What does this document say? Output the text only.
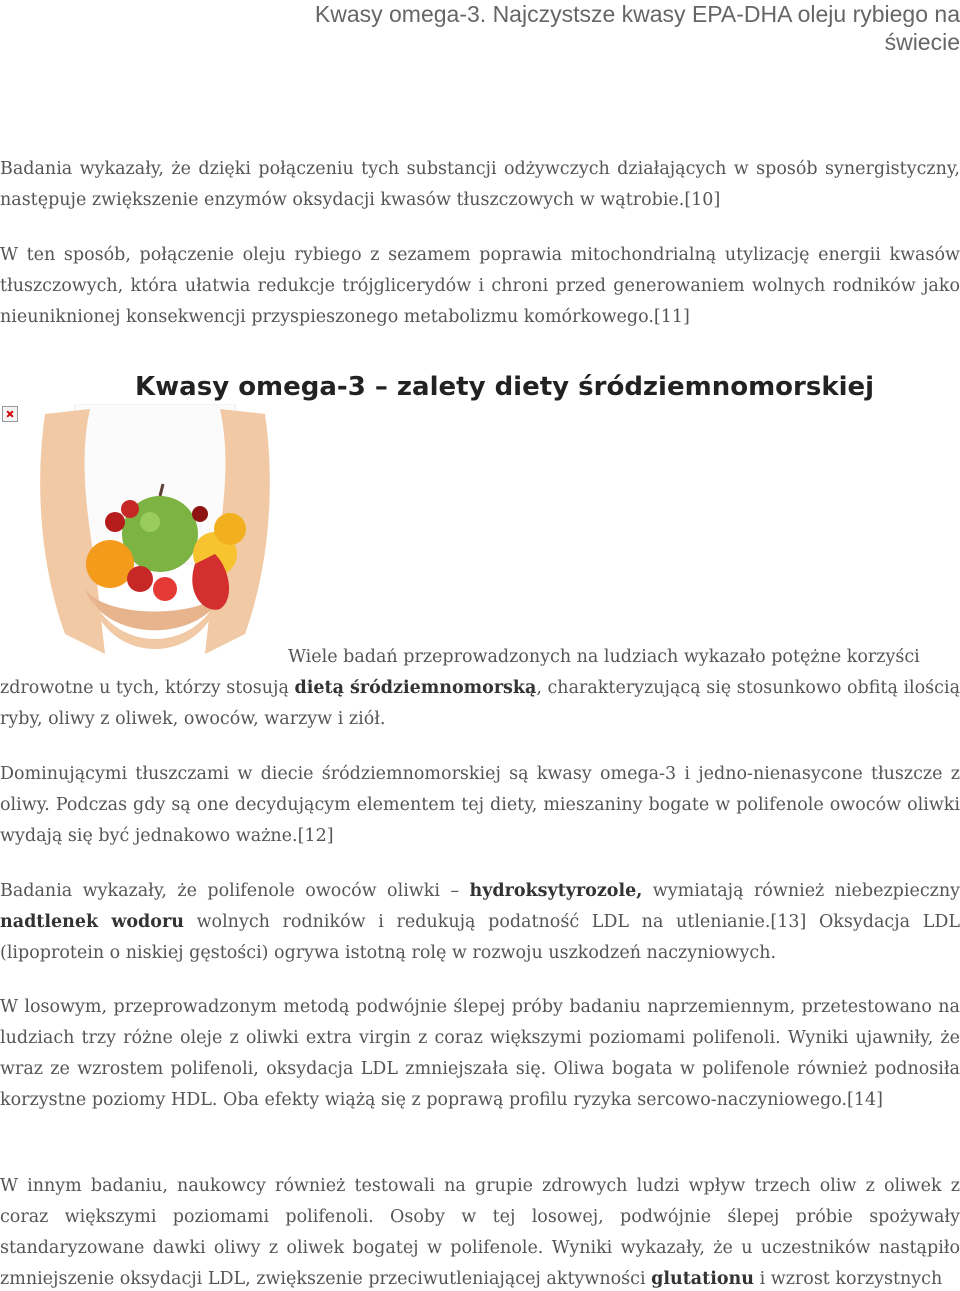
Kwasy omega-3. Najczystsze kwasy EPA-DHA oleju rybiego na świecie

Badania wykazały, że dzięki połączeniu tych substancji odżywczych działających w sposób synergistyczny, następuje zwiększenie enzymów oksydacji kwasów tłuszczowych w wątrobie.[10]

W ten sposób, połączenie oleju rybiego z sezamem poprawia mitochondrialną utylizację energii kwasów tłuszczowych, która ułatwia redukcje trójglicerydów i chroni przed generowaniem wolnych rodników jako nieuniknionej konsekwencji przyspieszonego metabolizmu komórkowego.[11]

Kwasy omega-3 – zalety diety śródziemnomorskiej
Wiele badań przeprowadzonych na ludziach wykazało potężne korzyści

zdrowotne u tych, którzy stosują dietą śródziemnomorską, charakteryzującą się stosunkowo obfitą ilością ryby, oliwy z oliwek, owoców, warzyw i ziół.

Dominującymi tłuszczami w diecie śródziemnomorskiej są kwasy omega-3 i jedno-nienasycone tłuszcze z oliwy. Podczas gdy są one decydującym elementem tej diety, mieszaniny bogate w polifenole owoców oliwki wydają się być jednakowo ważne.[12]

Badania wykazały, że polifenole owoców oliwki – hydroksytyrozole, wymiatają również niebezpieczny nadtlenek wodoru wolnych rodników i redukują podatność LDL na utlenianie.[13] Oksydacja LDL (lipoprotein o niskiej gęstości) ogrywa istotną rolę w rozwoju uszkodzeń naczyniowych.

W losowym, przeprowadzonym metodą podwójnie ślepej próby badaniu naprzemiennym, przetestowano na ludziach trzy różne oleje z oliwki extra virgin z coraz większymi poziomami polifenoli. Wyniki ujawniły, że wraz ze wzrostem polifenoli, oksydacja LDL zmniejszała się. Oliwa bogata w polifenole również podnosiła korzystne poziomy HDL. Oba efekty wiążą się z poprawą profilu ryzyka sercowo-naczyniowego.[14]

W innym badaniu, naukowcy również testowali na grupie zdrowych ludzi wpływ trzech oliw z oliwek z coraz większymi poziomami polifenoli. Osoby w tej losowej, podwójnie ślepej próbie spożywały standaryzowane dawki oliwy z oliwek bogatej w polifenole. Wyniki wykazały, że u uczestników nastąpiło zmniejszenie oksydacji LDL, zwiększenie przeciwutleniającej aktywności glutationu i wzrost korzystnych
